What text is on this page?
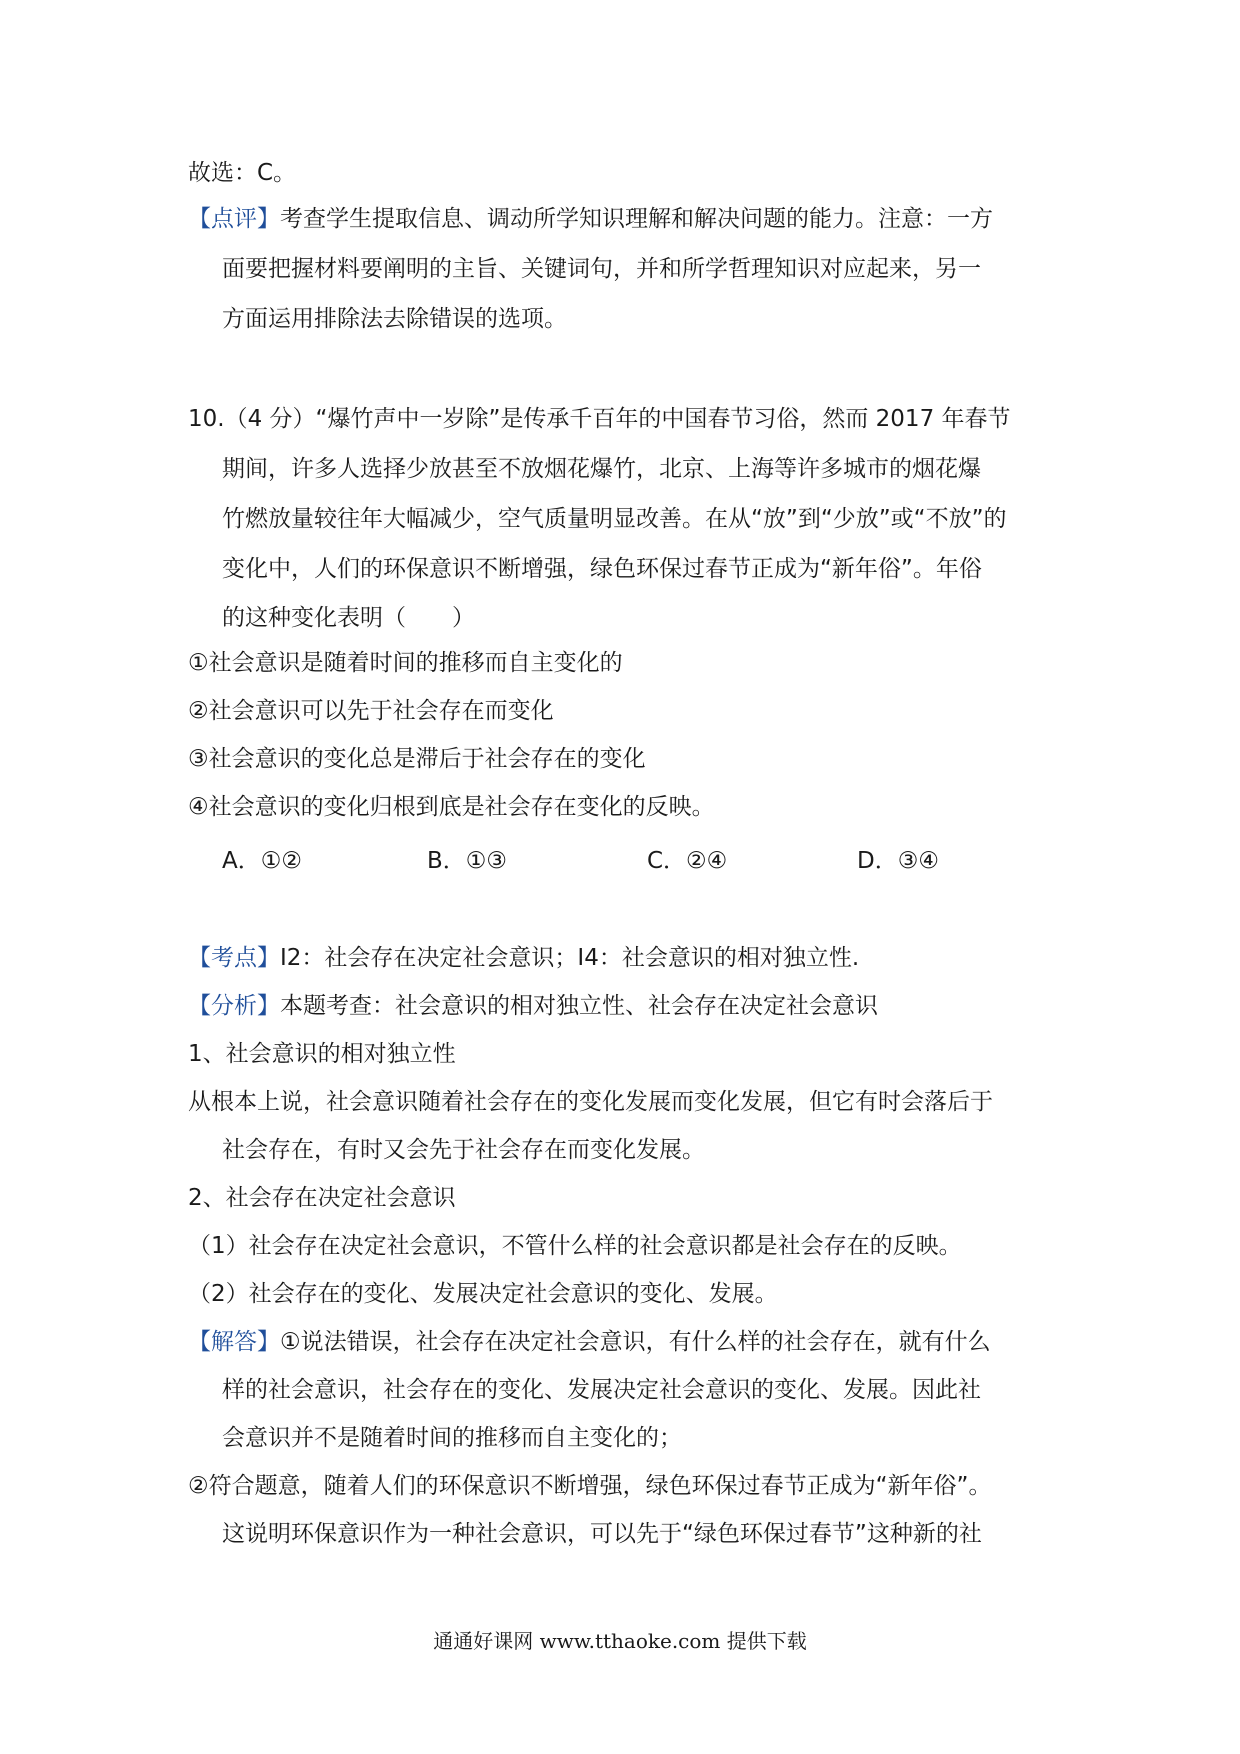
故选：C。
【点评】考查学生提取信息、调动所学知识理解和解决问题的能力。注意：一方
面要把握材料要阐明的主旨、关键词句，并和所学哲理知识对应起来，另一
方面运用排除法去除错误的选项。
10.（4 分）“爆竹声中一岁除”是传承千百年的中国春节习俗，然而 2017 年春节
期间，许多人选择少放甚至不放烟花爆竹，北京、上海等许多城市的烟花爆
竹燃放量较往年大幅减少，空气质量明显改善。在从“放”到“少放”或“不放”的
变化中，人们的环保意识不断增强，绿色环保过春节正成为“新年俗”。年俗
的这种变化表明（　　）
①社会意识是随着时间的推移而自主变化的
②社会意识可以先于社会存在而变化
③社会意识的变化总是滞后于社会存在的变化
④社会意识的变化归根到底是社会存在变化的反映。
A．①②	B．①③	C．②④	D．③④
【考点】I2：社会存在决定社会意识；I4：社会意识的相对独立性.
【分析】本题考查：社会意识的相对独立性、社会存在决定社会意识
1、社会意识的相对独立性
从根本上说，社会意识随着社会存在的变化发展而变化发展，但它有时会落后于
社会存在，有时又会先于社会存在而变化发展。
2、社会存在决定社会意识
（1）社会存在决定社会意识，不管什么样的社会意识都是社会存在的反映。
（2）社会存在的变化、发展决定社会意识的变化、发展。
【解答】①说法错误，社会存在决定社会意识，有什么样的社会存在，就有什么
样的社会意识，社会存在的变化、发展决定社会意识的变化、发展。因此社
会意识并不是随着时间的推移而自主变化的；
②符合题意，随着人们的环保意识不断增强，绿色环保过春节正成为“新年俗”。
这说明环保意识作为一种社会意识，可以先于“绿色环保过春节”这种新的社
通通好课网 www.tthaoke.com 提供下载
